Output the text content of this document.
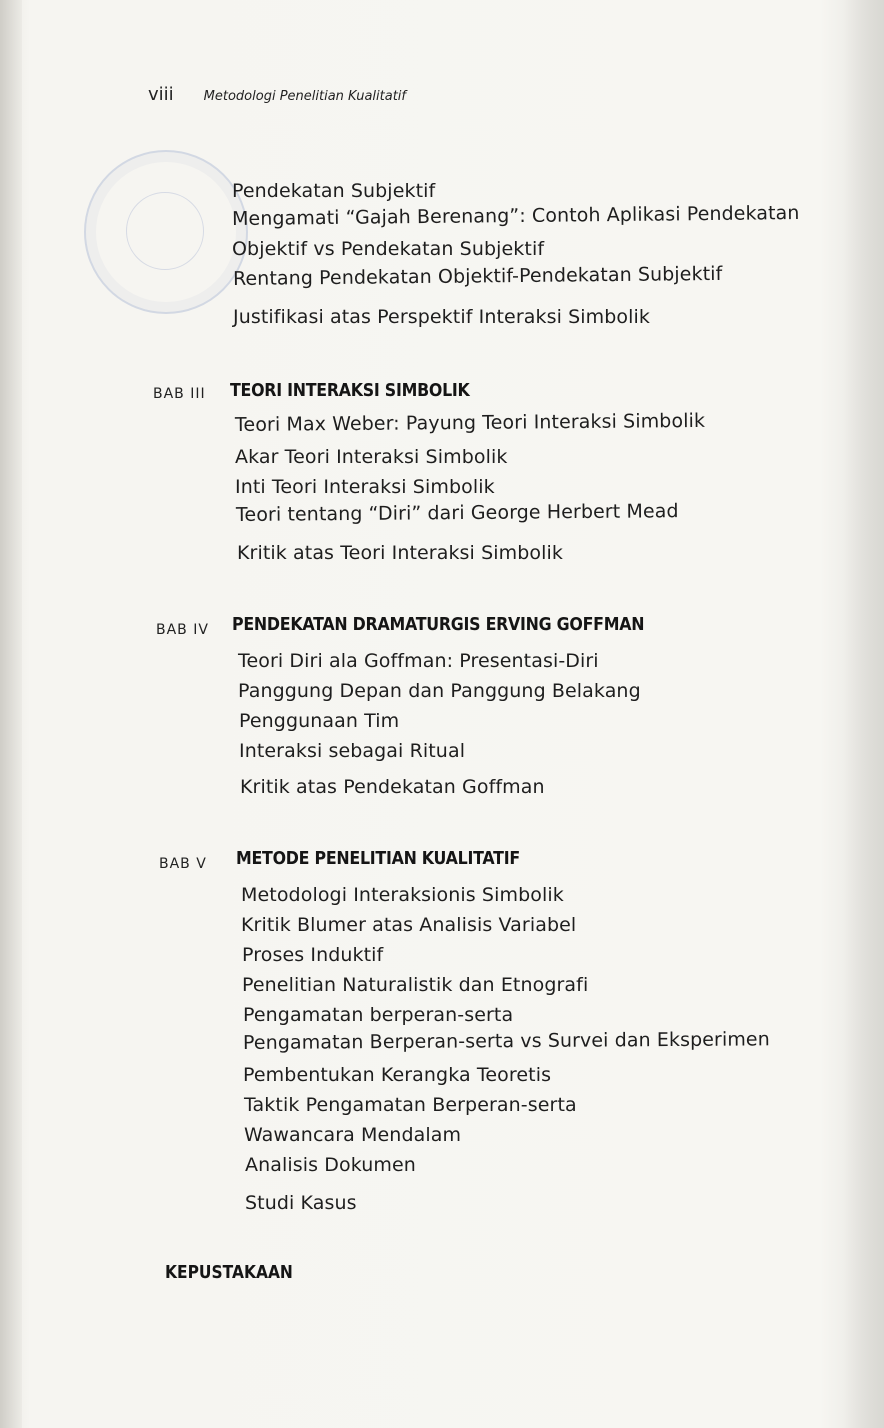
viii Metodologi Penelitian Kualitatif
Pendekatan Subjektif
Mengamati “Gajah Berenang”: Contoh Aplikasi Pendekatan
Objektif vs Pendekatan Subjektif
Rentang Pendekatan Objektif-Pendekatan Subjektif
Justifikasi atas Perspektif Interaksi Simbolik
BAB III TEORI INTERAKSI SIMBOLIK
Teori Max Weber: Payung Teori Interaksi Simbolik
Akar Teori Interaksi Simbolik
Inti Teori Interaksi Simbolik
Teori tentang “Diri” dari George Herbert Mead
Kritik atas Teori Interaksi Simbolik
BAB IV PENDEKATAN DRAMATURGIS ERVING GOFFMAN
Teori Diri ala Goffman: Presentasi-Diri
Panggung Depan dan Panggung Belakang
Penggunaan Tim
Interaksi sebagai Ritual
Kritik atas Pendekatan Goffman
BAB V METODE PENELITIAN KUALITATIF
Metodologi Interaksionis Simbolik
Kritik Blumer atas Analisis Variabel
Proses Induktif
Penelitian Naturalistik dan Etnografi
Pengamatan berperan-serta
Pengamatan Berperan-serta vs Survei dan Eksperimen
Pembentukan Kerangka Teoretis
Taktik Pengamatan Berperan-serta
Wawancara Mendalam
Analisis Dokumen
Studi Kasus
KEPUSTAKAAN
